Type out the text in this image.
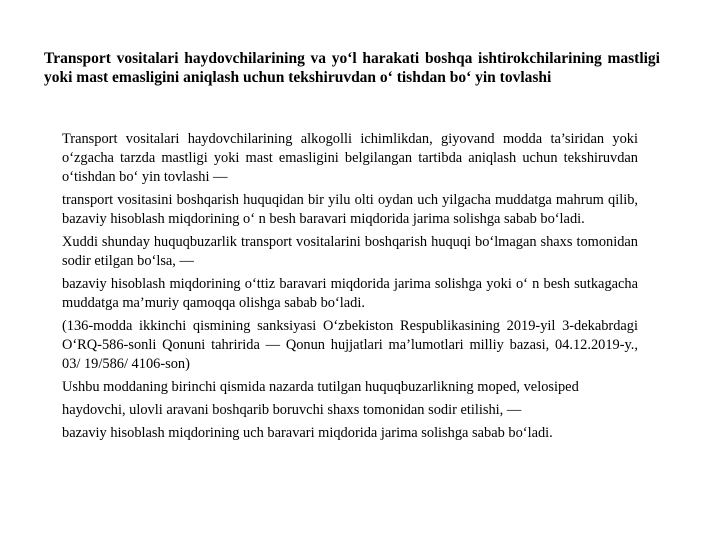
Transport vositalari haydovchilarining va yo‘l harakati boshqa ishtirokchilarining mastligi yoki mast emasligini aniqlash uchun tekshiruvdan o‘ tishdan bo‘ yin tovlashi

Transport vositalari haydovchilarining alkogolli ichimlikdan, giyovand modda ta’siridan yoki o‘zgacha tarzda mastligi yoki mast emasligini belgilangan tartibda aniqlash uchun tekshiruvdan o‘tishdan bo‘ yin tovlashi —

transport vositasini boshqarish huquqidan bir yilu olti oydan uch yilgacha muddatga mahrum qilib, bazaviy hisoblash miqdorining o‘ n besh baravari miqdorida jarima solishga sabab bo‘ladi.

Xuddi shunday huquqbuzarlik transport vositalarini boshqarish huquqi bo‘lmagan shaxs tomonidan sodir etilgan bo‘lsa, —

bazaviy hisoblash miqdorining o‘ttiz baravari miqdorida jarima solishga yoki o‘ n besh sutkagacha muddatga ma’muriy qamoqqa olishga sabab bo‘ladi.

(136-modda ikkinchi qismining sanksiyasi O‘zbekiston Respublikasining 2019-yil 3-dekabrdagi O‘RQ-586-sonli Qonuni tahririda — Qonun hujjatlari ma’lumotlari milliy bazasi, 04.12.2019-y., 03/ 19/586/ 4106-son)

Ushbu moddaning birinchi qismida nazarda tutilgan huquqbuzarlikning moped, velosiped

haydovchi, ulovli aravani boshqarib boruvchi shaxs tomonidan sodir etilishi, —

bazaviy hisoblash miqdorining uch baravari miqdorida jarima solishga sabab bo‘ladi.
